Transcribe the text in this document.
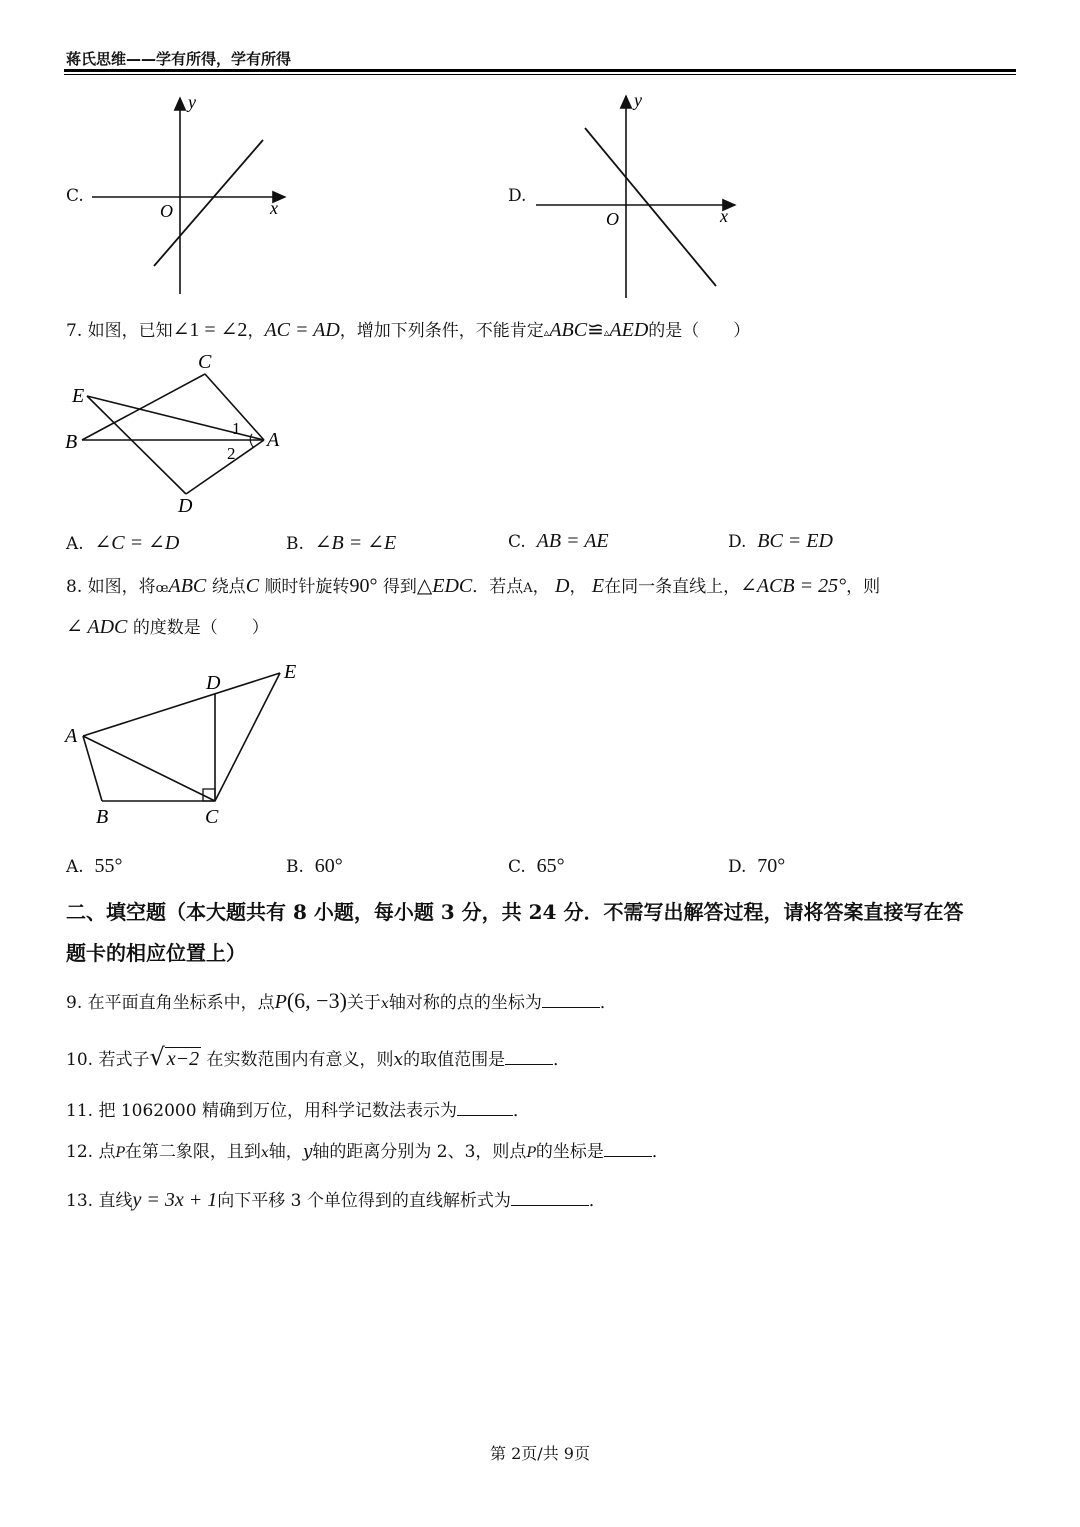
蒋氏思维——学有所得，学有所得
C.
y
x
O
D.
y
x
O
7. 如图，已知∠1 = ∠2，AC = AD，增加下列条件，不能肯定▵ABC≌▵AED的是（　　）
C
E
B	A
D
1
2
A. ∠C = ∠D	B. ∠B = ∠E	C. AB = AE	D. BC = ED
8. 如图，将œABC 绕点C 顺时针旋转90° 得到△EDC．若点A， D， E在同一条直线上，∠ACB = 25°，则
∠ ADC 的度数是（　　）
A
B	C
D	E
A. 55°	B. 60°	C. 65°	D. 70°
二、填空题（本大题共有 8 小题，每小题 3 分，共 24 分．不需写出解答过程，请将答案直接写在答
题卡的相应位置上）
9. 在平面直角坐标系中，点P(6, −3)关于x轴对称的点的坐标为	．
10. 若式子√ x−2 在实数范围内有意义，则x的取值范围是	．
11. 把 1062000 精确到万位，用科学记数法表示为	．
12. 点P在第二象限，且到x轴，y轴的距离分别为 2、3，则点P的坐标是	．
13. 直线y = 3x + 1向下平移 3 个单位得到的直线解析式为	．
第 2页/共 9页
